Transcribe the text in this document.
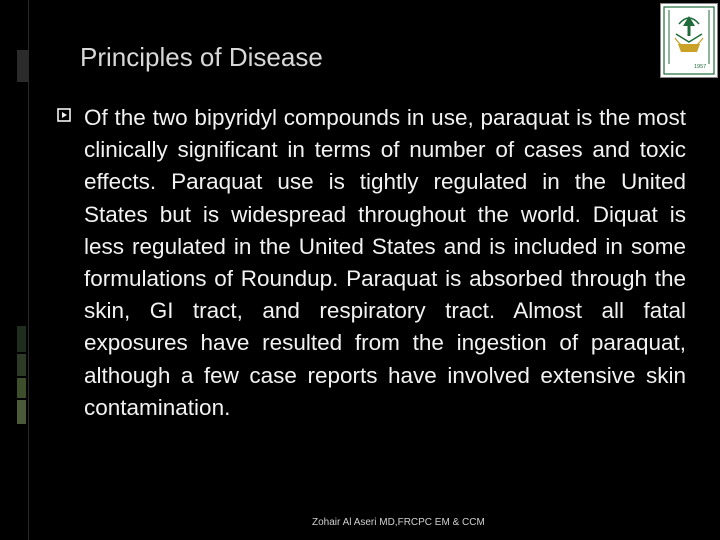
Principles of Disease	1957
Of the two bipyridyl compounds in use, paraquat is the most clinically significant in terms of number of cases and toxic effects. Paraquat use is tightly regulated in the United States but is widespread throughout the world. Diquat is less regulated in the United States and is included in some formulations of Roundup. Paraquat is absorbed through the skin, GI tract, and respiratory tract. Almost all fatal exposures have resulted from the ingestion of paraquat, although a few case reports have involved extensive skin contamination.
Zohair Al Aseri MD,FRCPC EM & CCM
